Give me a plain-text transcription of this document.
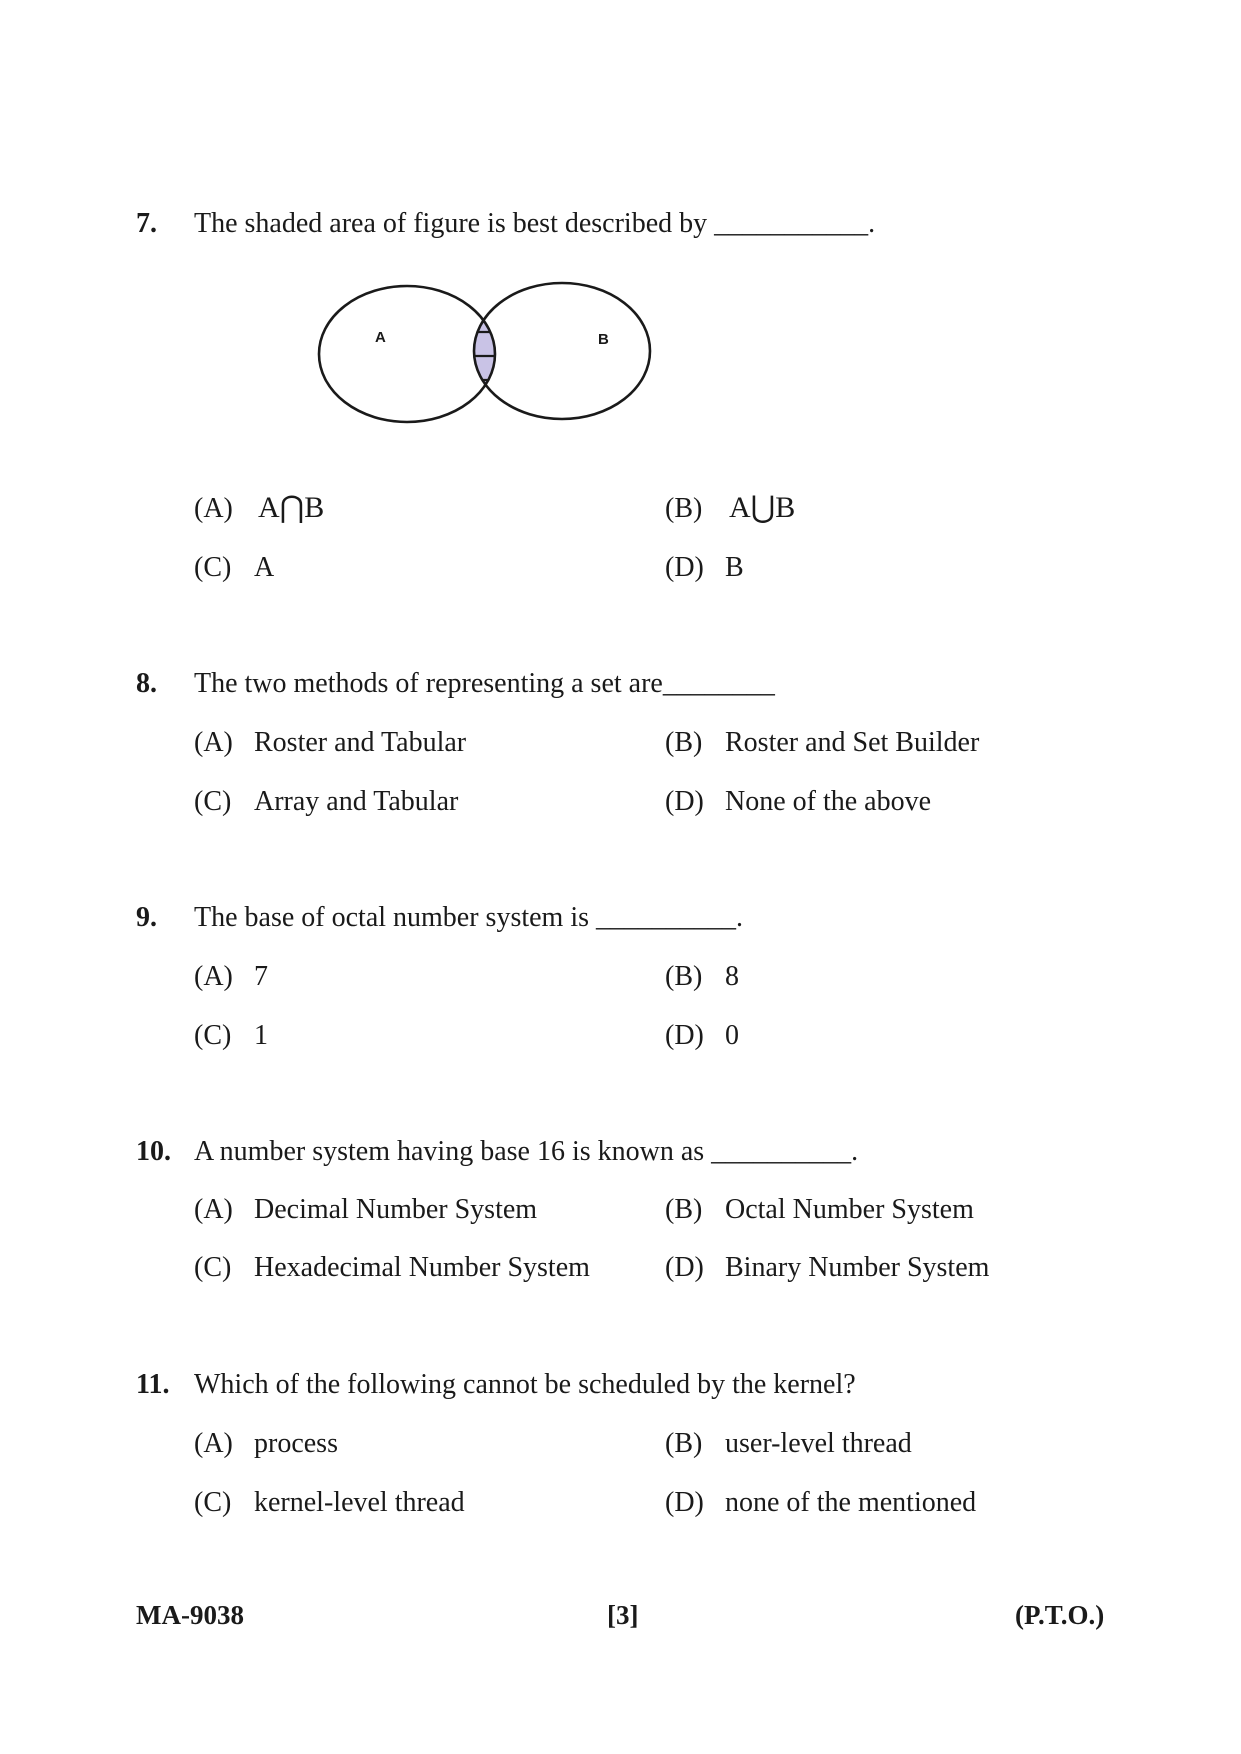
7. The shaded area of figure is best described by ___________.
A	B
(A) A⋂B	(B) A⋃B
(C) A	(D) B
8. The two methods of representing a set are________
(A) Roster and Tabular	(B) Roster and Set Builder
(C) Array and Tabular	(D) None of the above
9. The base of octal number system is __________.
(A) 7	(B) 8
(C) 1	(D) 0
10. A number system having base 16 is known as __________.
(A) Decimal Number System	(B) Octal Number System
(C) Hexadecimal Number System	(D) Binary Number System
11. Which of the following cannot be scheduled by the kernel?
(A) process	(B) user-level thread
(C) kernel-level thread	(D) none of the mentioned
MA-9038	[3]	(P.T.O.)
